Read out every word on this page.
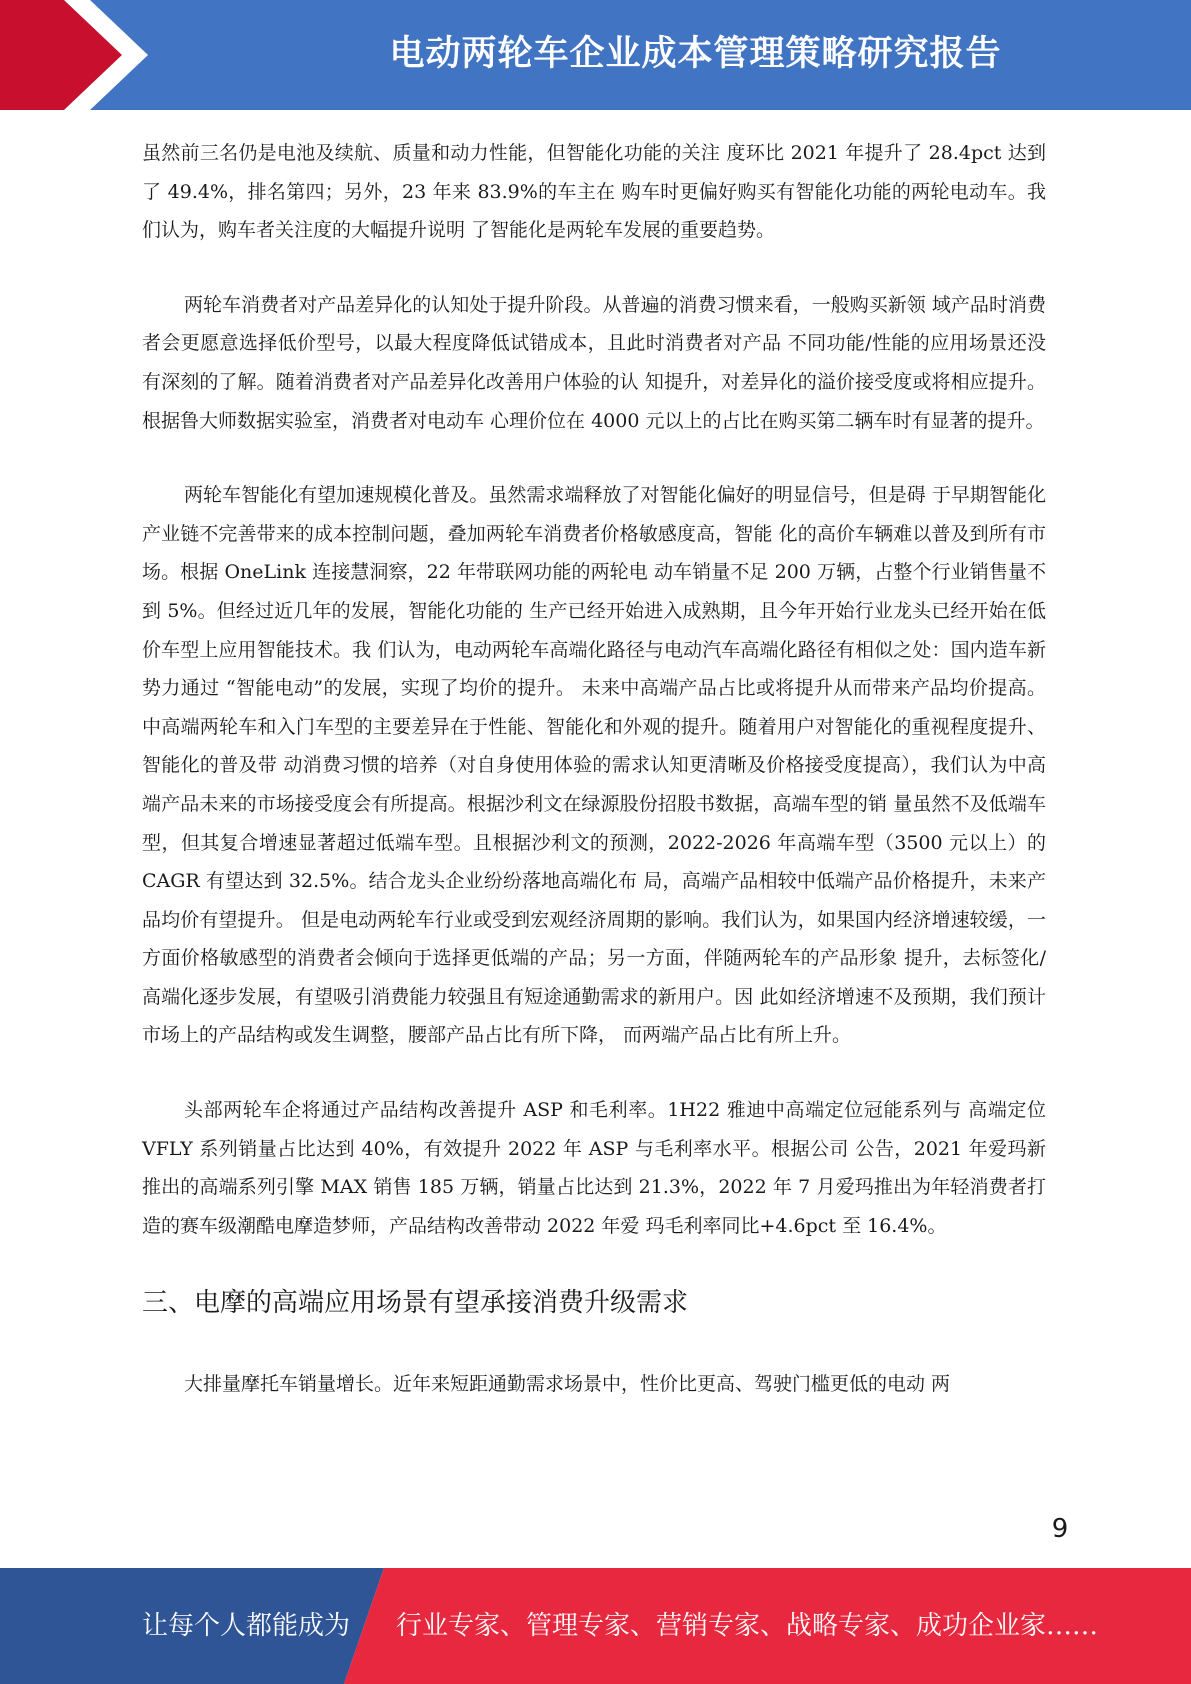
电动两轮车企业成本管理策略研究报告

虽然前三名仍是电池及续航、质量和动力性能，但智能化功能的关注 度环比 2021 年提升了 28.4pct 达到了 49.4%，排名第四；另外，23 年来 83.9%的车主在 购车时更偏好购买有智能化功能的两轮电动车。我们认为，购车者关注度的大幅提升说明 了智能化是两轮车发展的重要趋势。

两轮车消费者对产品差异化的认知处于提升阶段。从普遍的消费习惯来看，一般购买新领 域产品时消费者会更愿意选择低价型号，以最大程度降低试错成本，且此时消费者对产品 不同功能/性能的应用场景还没有深刻的了解。随着消费者对产品差异化改善用户体验的认 知提升，对差异化的溢价接受度或将相应提升。根据鲁大师数据实验室，消费者对电动车 心理价位在 4000 元以上的占比在购买第二辆车时有显著的提升。

两轮车智能化有望加速规模化普及。虽然需求端释放了对智能化偏好的明显信号，但是碍 于早期智能化产业链不完善带来的成本控制问题，叠加两轮车消费者价格敏感度高，智能 化的高价车辆难以普及到所有市场。根据 OneLink 连接慧洞察，22 年带联网功能的两轮电 动车销量不足 200 万辆，占整个行业销售量不到 5%。但经过近几年的发展，智能化功能的 生产已经开始进入成熟期，且今年开始行业龙头已经开始在低价车型上应用智能技术。我 们认为，电动两轮车高端化路径与电动汽车高端化路径有相似之处：国内造车新势力通过 “智能电动”的发展，实现了均价的提升。 未来中高端产品占比或将提升从而带来产品均价提高。中高端两轮车和入门车型的主要差异在于性能、智能化和外观的提升。随着用户对智能化的重视程度提升、智能化的普及带 动消费习惯的培养（对自身使用体验的需求认知更清晰及价格接受度提高），我们认为中高 端产品未来的市场接受度会有所提高。根据沙利文在绿源股份招股书数据，高端车型的销 量虽然不及低端车型，但其复合增速显著超过低端车型。且根据沙利文的预测，2022-2026 年高端车型（3500 元以上）的 CAGR 有望达到 32.5%。结合龙头企业纷纷落地高端化布 局，高端产品相较中低端产品价格提升，未来产品均价有望提升。 但是电动两轮车行业或受到宏观经济周期的影响。我们认为，如果国内经济增速较缓，一 方面价格敏感型的消费者会倾向于选择更低端的产品；另一方面，伴随两轮车的产品形象 提升，去标签化/高端化逐步发展，有望吸引消费能力较强且有短途通勤需求的新用户。因 此如经济增速不及预期，我们预计市场上的产品结构或发生调整，腰部产品占比有所下降， 而两端产品占比有所上升。

头部两轮车企将通过产品结构改善提升 ASP 和毛利率。1H22 雅迪中高端定位冠能系列与 高端定位 VFLY 系列销量占比达到 40%，有效提升 2022 年 ASP 与毛利率水平。根据公司 公告，2021 年爱玛新推出的高端系列引擎 MAX 销售 185 万辆，销量占比达到 21.3%，2022 年 7 月爱玛推出为年轻消费者打造的赛车级潮酷电摩造梦师，产品结构改善带动 2022 年爱 玛毛利率同比+4.6pct 至 16.4%。

三、电摩的高端应用场景有望承接消费升级需求

大排量摩托车销量增长。近年来短距通勤需求场景中，性价比更高、驾驶门槛更低的电动 两

9
让每个人都能成为 行业专家、管理专家、营销专家、战略专家、成功企业家……
